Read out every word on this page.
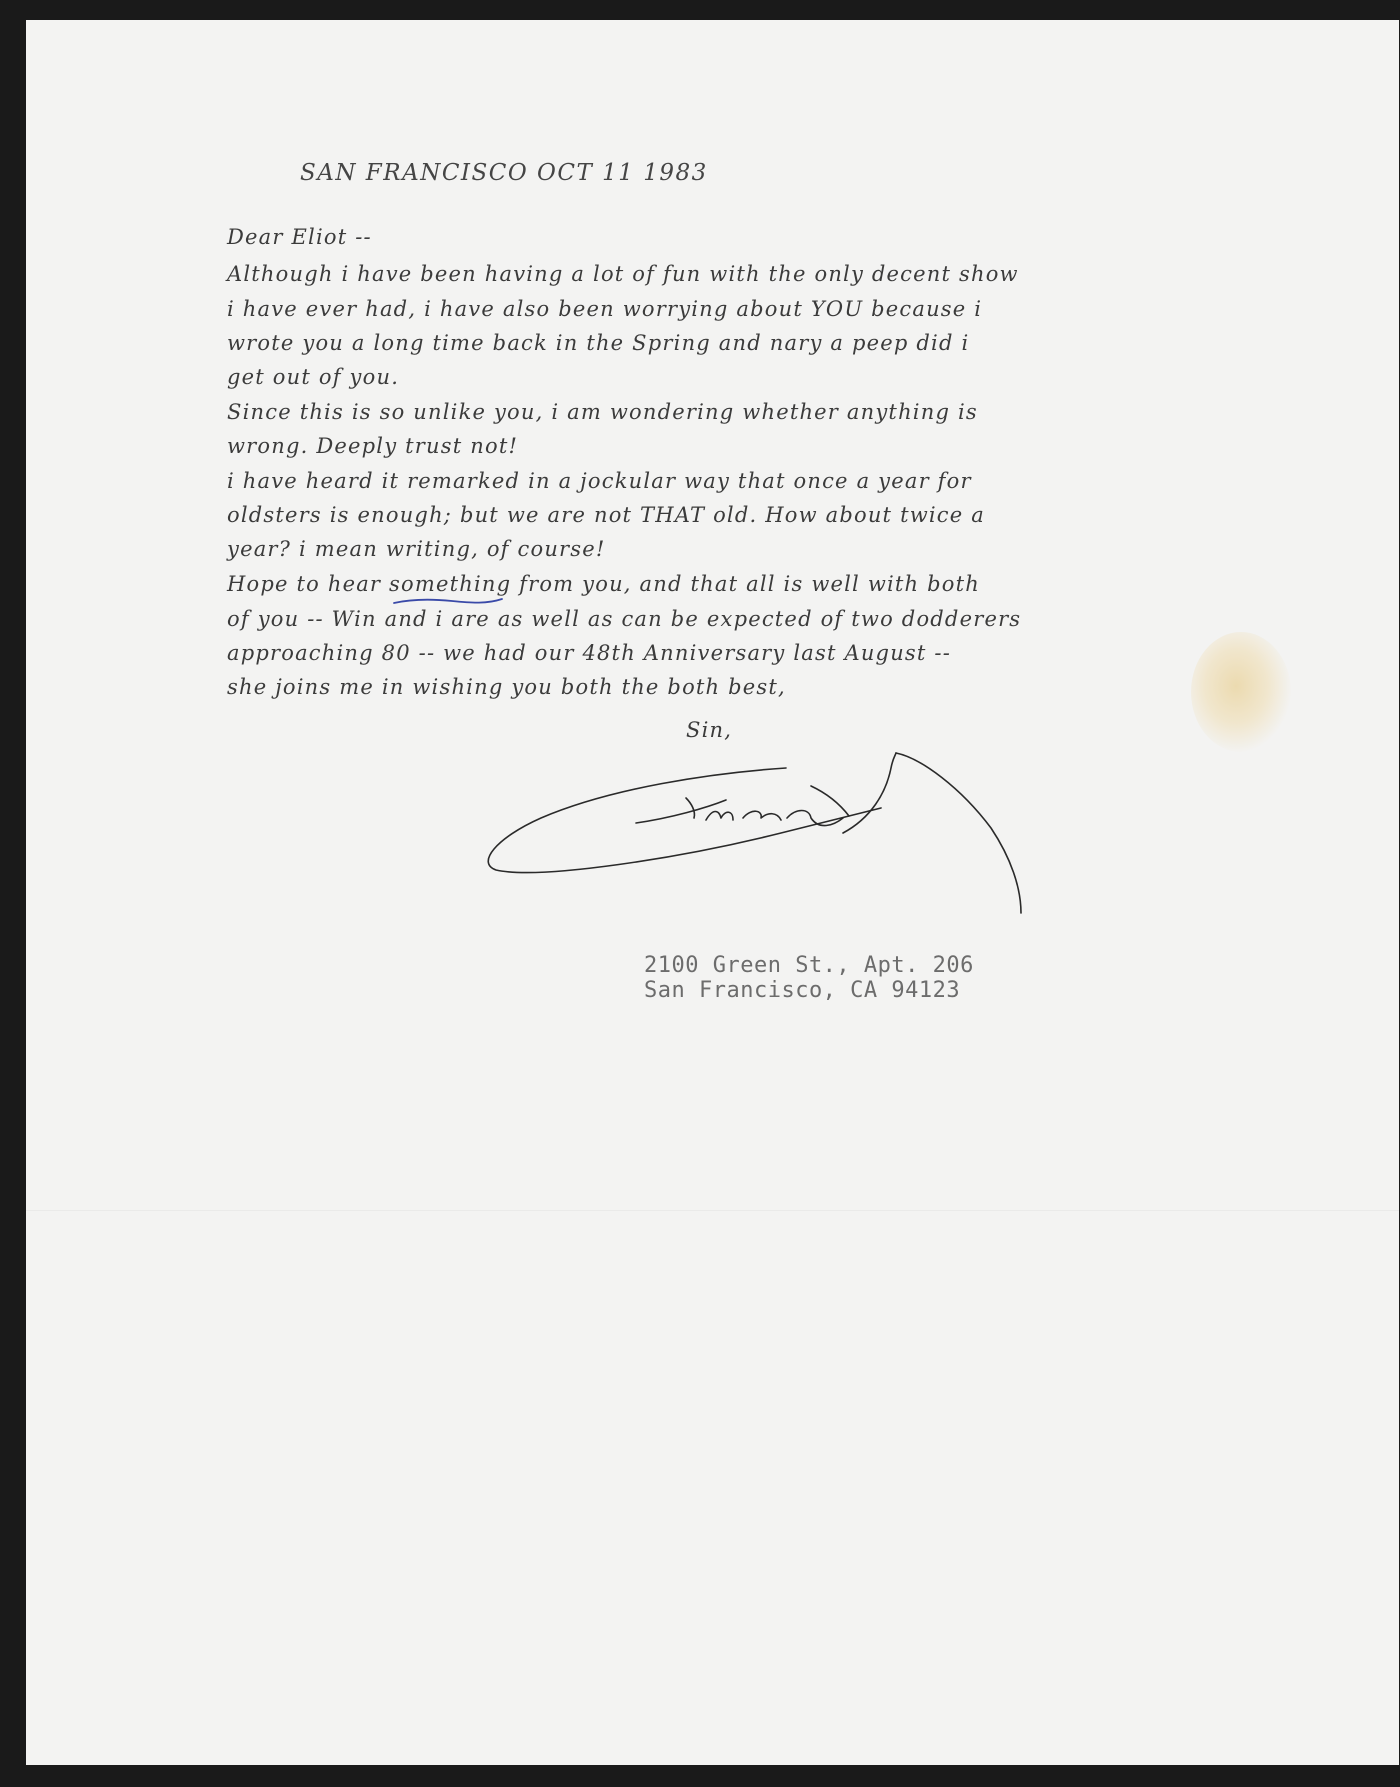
SAN FRANCISCO OCT 11 1983
Dear Eliot --
Although i have been having a lot of fun with the only decent show
i have ever had, i have also been worrying about YOU because i
wrote you a long time back in the Spring and nary a peep did i
get out of you.
Since this is so unlike you, i am wondering whether anything is
wrong. Deeply trust not!
i have heard it remarked in a jockular way that once a year for
oldsters is enough; but we are not THAT old. How about twice a
year? i mean writing, of course!
Hope to hear something from you, and that all is well with both
of you -- Win and i are as well as can be expected of two dodderers
approaching 80 -- we had our 48th Anniversary last August --
she joins me in wishing you both the both best,
Sin,
2100 Green St., Apt. 206
San Francisco, CA 94123
